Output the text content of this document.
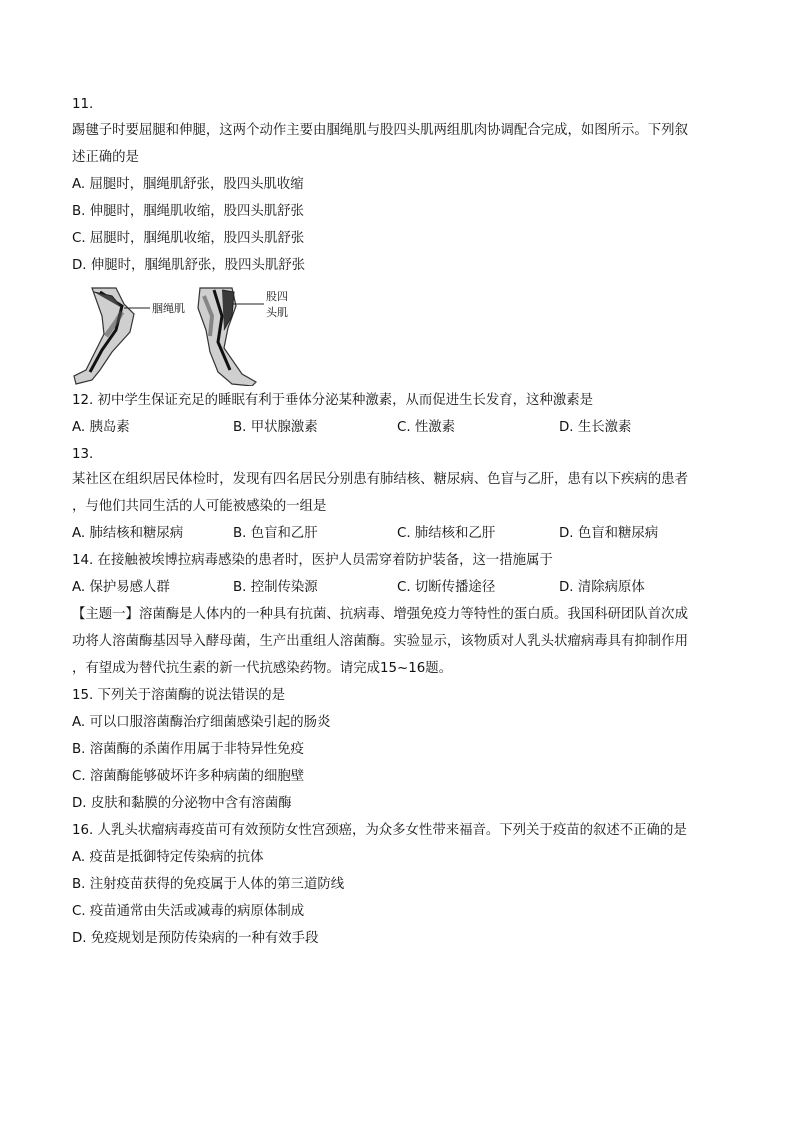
11.
踢毽子时要屈腿和伸腿，这两个动作主要由腘绳肌与股四头肌两组肌肉协调配合完成，如图所示。下列叙
述正确的是
A. 屈腿时，腘绳肌舒张，股四头肌收缩
B. 伸腿时，腘绳肌收缩，股四头肌舒张
C. 屈腿时，腘绳肌收缩，股四头肌舒张
D. 伸腿时，腘绳肌舒张，股四头肌舒张
腘绳肌
股四
头肌
12. 初中学生保证充足的睡眠有利于垂体分泌某种激素，从而促进生长发育，这种激素是
A. 胰岛素	B. 甲状腺激素	C. 性激素	D. 生长激素
13.
某社区在组织居民体检时，发现有四名居民分别患有肺结核、糖尿病、色盲与乙肝，患有以下疾病的患者
，与他们共同生活的人可能被感染的一组是
A. 肺结核和糖尿病	B. 色盲和乙肝	C. 肺结核和乙肝	D. 色盲和糖尿病
14. 在接触被埃博拉病毒感染的患者时，医护人员需穿着防护装备，这一措施属于
A. 保护易感人群	B. 控制传染源	C. 切断传播途径	D. 清除病原体
【主题一】溶菌酶是人体内的一种具有抗菌、抗病毒、增强免疫力等特性的蛋白质。我国科研团队首次成
功将人溶菌酶基因导入酵母菌，生产出重组人溶菌酶。实验显示，该物质对人乳头状瘤病毒具有抑制作用
，有望成为替代抗生素的新一代抗感染药物。请完成15~16题。
15. 下列关于溶菌酶的说法错误的是
A. 可以口服溶菌酶治疗细菌感染引起的肠炎
B. 溶菌酶的杀菌作用属于非特异性免疫
C. 溶菌酶能够破坏许多种病菌的细胞壁
D. 皮肤和黏膜的分泌物中含有溶菌酶
16. 人乳头状瘤病毒疫苗可有效预防女性宫颈癌，为众多女性带来福音。下列关于疫苗的叙述不正确的是
A. 疫苗是抵御特定传染病的抗体
B. 注射疫苗获得的免疫属于人体的第三道防线
C. 疫苗通常由失活或减毒的病原体制成
D. 免疫规划是预防传染病的一种有效手段
